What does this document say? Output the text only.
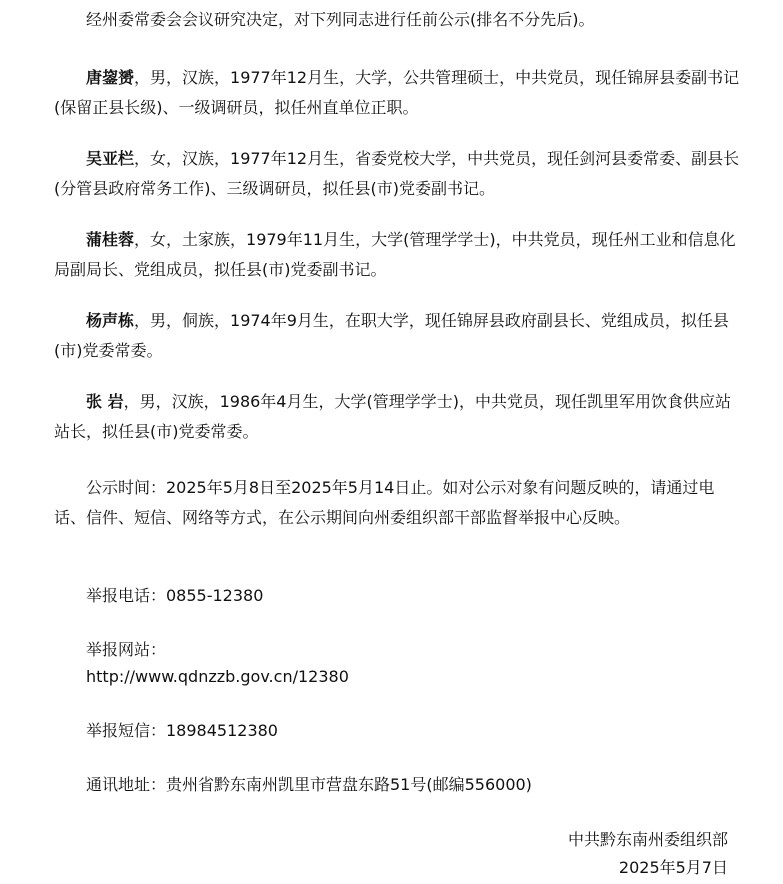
经州委常委会会议研究决定，对下列同志进行任前公示(排名不分先后)。

唐鋆赟，男，汉族，1977年12月生，大学，公共管理硕士，中共党员，现任锦屏县委副书记(保留正县长级)、一级调研员，拟任州直单位正职。

吴亚栏，女，汉族，1977年12月生，省委党校大学，中共党员，现任剑河县委常委、副县长(分管县政府常务工作)、三级调研员，拟任县(市)党委副书记。

蒲桂蓉，女，土家族，1979年11月生，大学(管理学学士)，中共党员，现任州工业和信息化局副局长、党组成员，拟任县(市)党委副书记。

杨声栋，男，侗族，1974年9月生，在职大学，现任锦屏县政府副县长、党组成员，拟任县(市)党委常委。

张 岩，男，汉族，1986年4月生，大学(管理学学士)，中共党员，现任凯里军用饮食供应站站长，拟任县(市)党委常委。

公示时间：2025年5月8日至2025年5月14日止。如对公示对象有问题反映的，请通过电话、信件、短信、网络等方式，在公示期间向州委组织部干部监督举报中心反映。

举报电话：0855-12380

举报网站：

http://www.qdnzzb.gov.cn/12380

举报短信：18984512380

通讯地址：贵州省黔东南州凯里市营盘东路51号(邮编556000)

中共黔东南州委组织部

2025年5月7日
